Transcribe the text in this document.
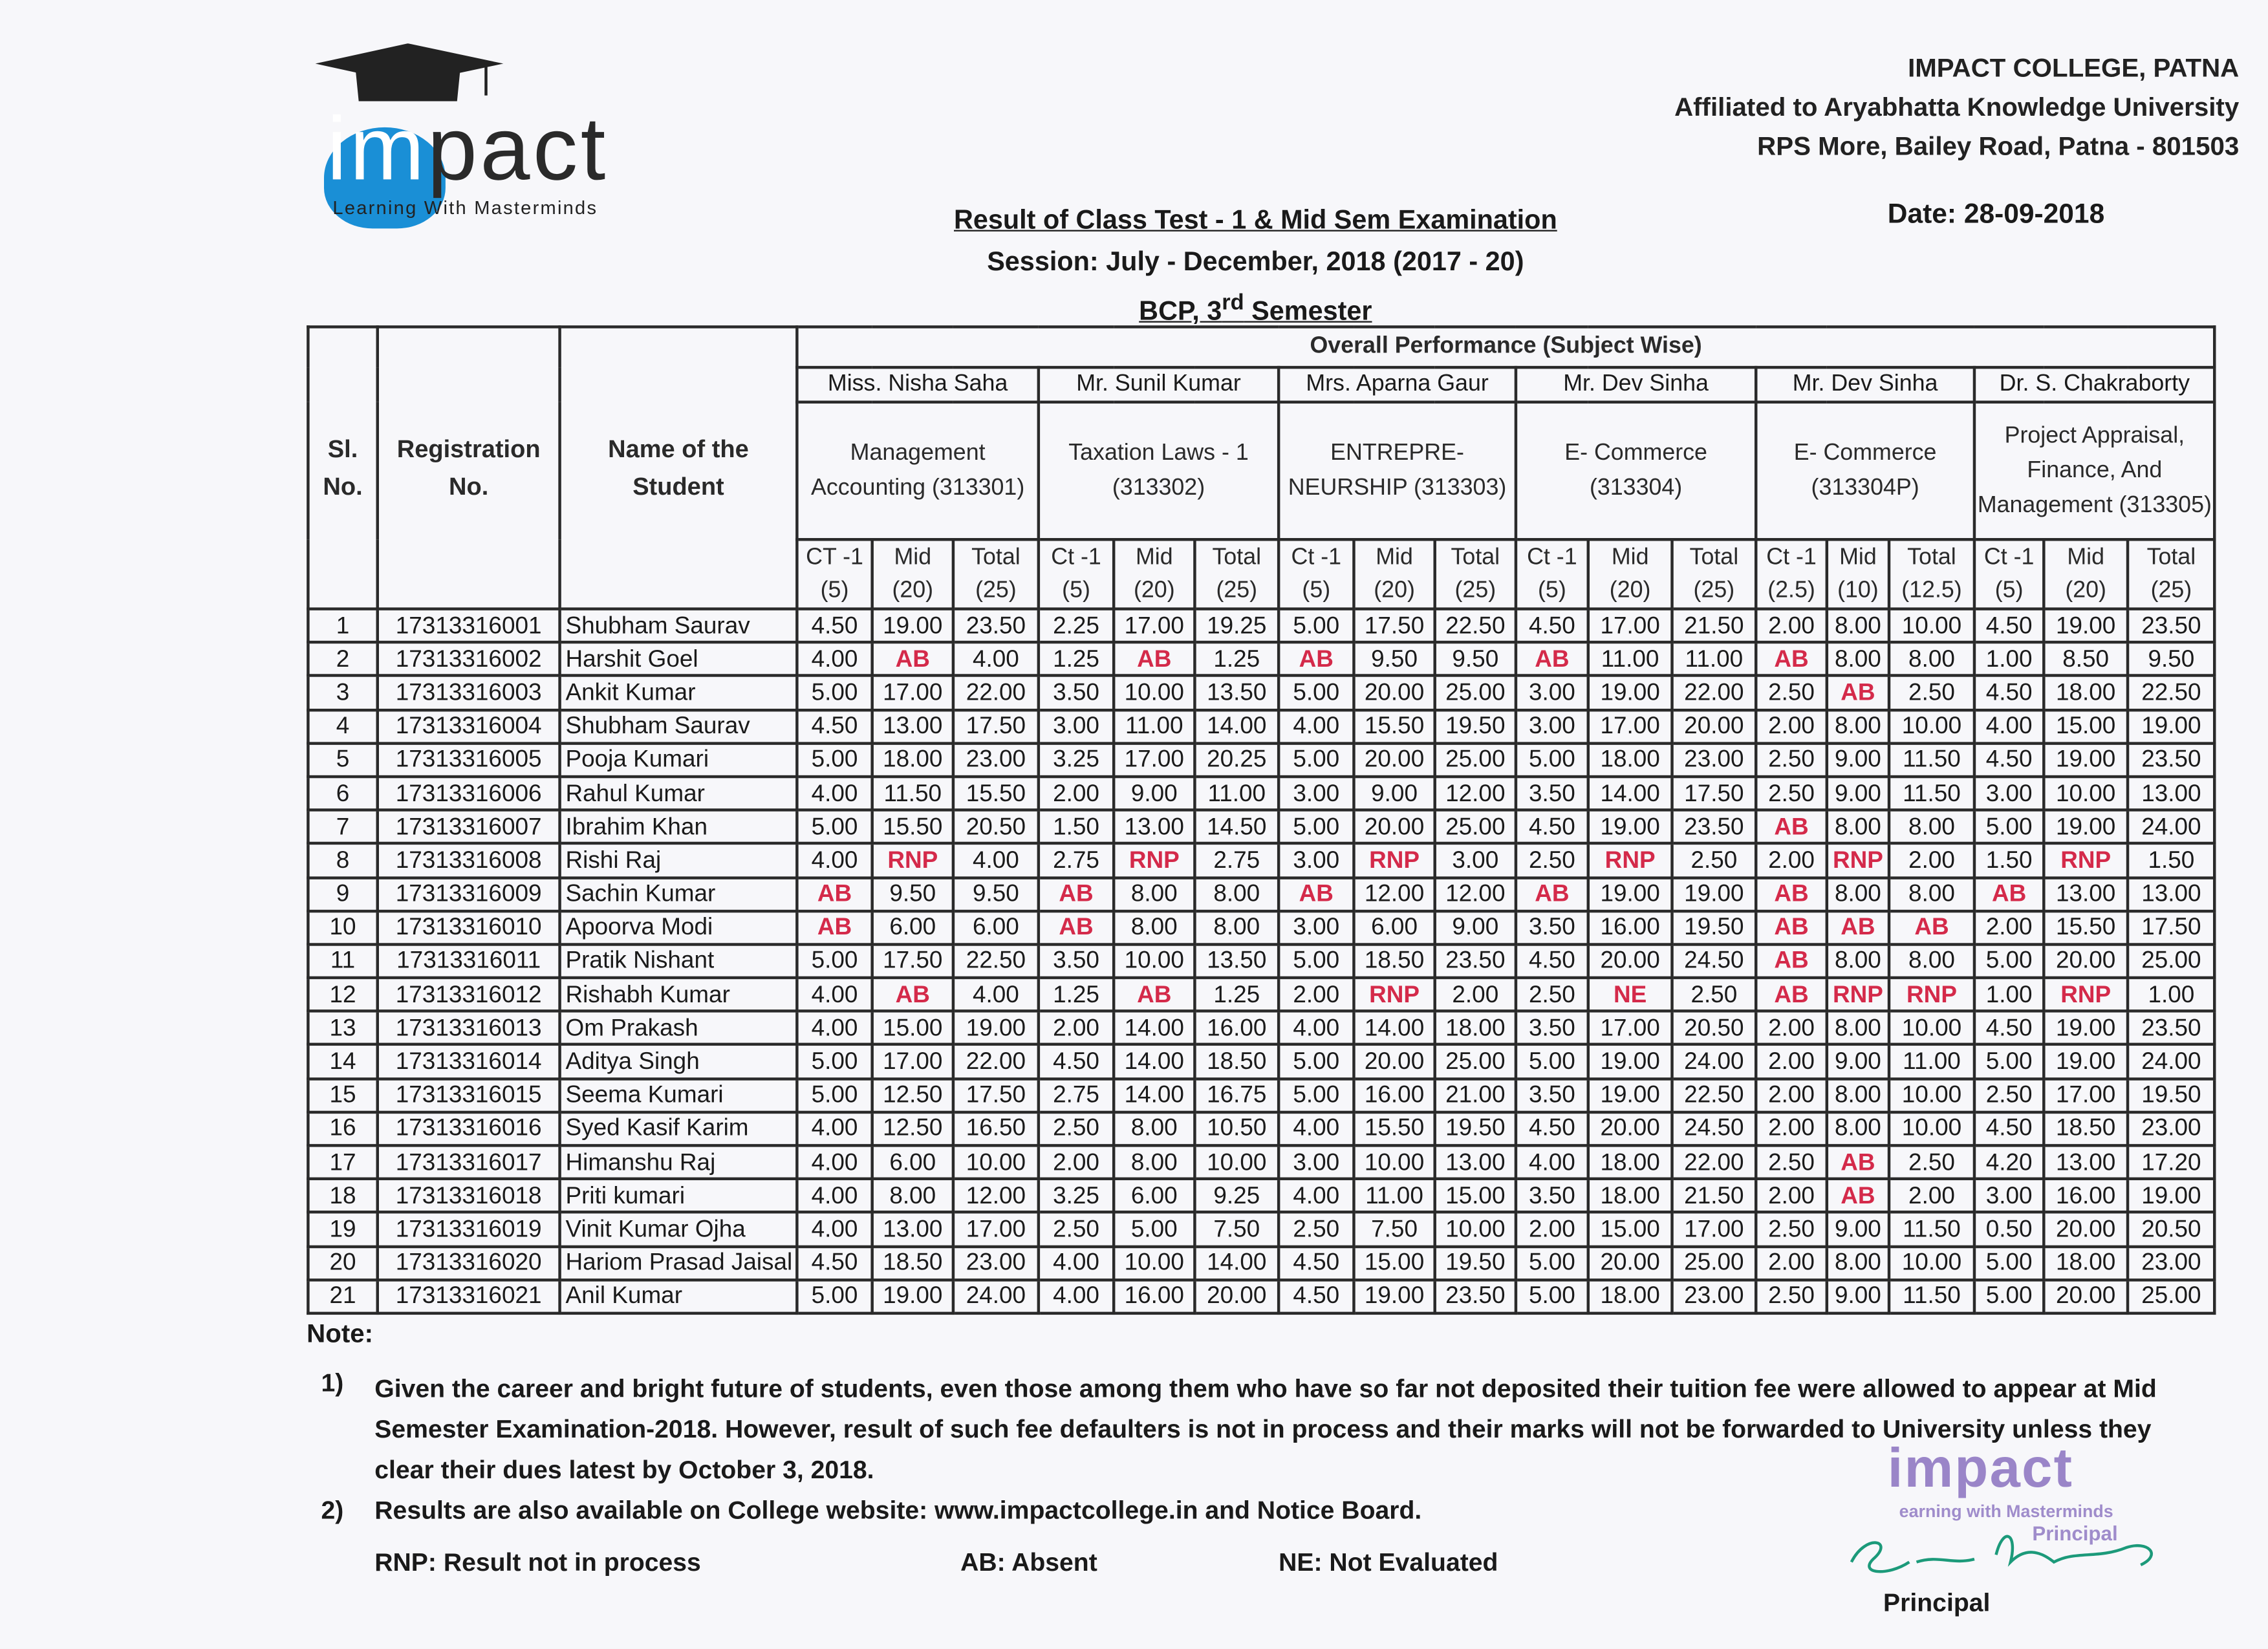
impact
Learning With Masterminds
IMPACT COLLEGE, PATNA
Affiliated to Aryabhatta Knowledge University
RPS More, Bailey Road, Patna - 801503
Date: 28-09-2018
Result of Class Test - 1 & Mid Sem Examination
Session: July - December, 2018 (2017 - 20)
BCP, 3rd Semester
Sl. No.	Registration No.	Name of the Student	Overall Performance (Subject Wise)																	
			Miss. Nisha Saha			Mr. Sunil Kumar			Mrs. Aparna Gaur			Mr. Dev Sinha			Mr. Dev Sinha			Dr. S. Chakraborty		
			Management Accounting (313301)			Taxation Laws - 1 (313302)			ENTREPRE-NEURSHIP (313303)			E- Commerce (313304)			E- Commerce (313304P)			Project Appraisal, Finance, And Management (313305)		
			CT -1 (5)	Mid (20)	Total (25)	Ct -1 (5)	Mid (20)	Total (25)	Ct -1 (5)	Mid (20)	Total (25)	Ct -1 (5)	Mid (20)	Total (25)	Ct -1 (2.5)	Mid (10)	Total (12.5)	Ct -1 (5)	Mid (20)	Total (25)
1	17313316001	Shubham Saurav	4.50	19.00	23.50	2.25	17.00	19.25	5.00	17.50	22.50	4.50	17.00	21.50	2.00	8.00	10.00	4.50	19.00	23.50
2	17313316002	Harshit Goel	4.00	AB	4.00	1.25	AB	1.25	AB	9.50	9.50	AB	11.00	11.00	AB	8.00	8.00	1.00	8.50	9.50
3	17313316003	Ankit Kumar	5.00	17.00	22.00	3.50	10.00	13.50	5.00	20.00	25.00	3.00	19.00	22.00	2.50	AB	2.50	4.50	18.00	22.50
4	17313316004	Shubham Saurav	4.50	13.00	17.50	3.00	11.00	14.00	4.00	15.50	19.50	3.00	17.00	20.00	2.00	8.00	10.00	4.00	15.00	19.00
5	17313316005	Pooja Kumari	5.00	18.00	23.00	3.25	17.00	20.25	5.00	20.00	25.00	5.00	18.00	23.00	2.50	9.00	11.50	4.50	19.00	23.50
6	17313316006	Rahul Kumar	4.00	11.50	15.50	2.00	9.00	11.00	3.00	9.00	12.00	3.50	14.00	17.50	2.50	9.00	11.50	3.00	10.00	13.00
7	17313316007	Ibrahim Khan	5.00	15.50	20.50	1.50	13.00	14.50	5.00	20.00	25.00	4.50	19.00	23.50	AB	8.00	8.00	5.00	19.00	24.00
8	17313316008	Rishi Raj	4.00	RNP	4.00	2.75	RNP	2.75	3.00	RNP	3.00	2.50	RNP	2.50	2.00	RNP	2.00	1.50	RNP	1.50
9	17313316009	Sachin Kumar	AB	9.50	9.50	AB	8.00	8.00	AB	12.00	12.00	AB	19.00	19.00	AB	8.00	8.00	AB	13.00	13.00
10	17313316010	Apoorva Modi	AB	6.00	6.00	AB	8.00	8.00	3.00	6.00	9.00	3.50	16.00	19.50	AB	AB	AB	2.00	15.50	17.50
11	17313316011	Pratik Nishant	5.00	17.50	22.50	3.50	10.00	13.50	5.00	18.50	23.50	4.50	20.00	24.50	AB	8.00	8.00	5.00	20.00	25.00
12	17313316012	Rishabh Kumar	4.00	AB	4.00	1.25	AB	1.25	2.00	RNP	2.00	2.50	NE	2.50	AB	RNP	RNP	1.00	RNP	1.00
13	17313316013	Om Prakash	4.00	15.00	19.00	2.00	14.00	16.00	4.00	14.00	18.00	3.50	17.00	20.50	2.00	8.00	10.00	4.50	19.00	23.50
14	17313316014	Aditya Singh	5.00	17.00	22.00	4.50	14.00	18.50	5.00	20.00	25.00	5.00	19.00	24.00	2.00	9.00	11.00	5.00	19.00	24.00
15	17313316015	Seema Kumari	5.00	12.50	17.50	2.75	14.00	16.75	5.00	16.00	21.00	3.50	19.00	22.50	2.00	8.00	10.00	2.50	17.00	19.50
16	17313316016	Syed Kasif Karim	4.00	12.50	16.50	2.50	8.00	10.50	4.00	15.50	19.50	4.50	20.00	24.50	2.00	8.00	10.00	4.50	18.50	23.00
17	17313316017	Himanshu Raj	4.00	6.00	10.00	2.00	8.00	10.00	3.00	10.00	13.00	4.00	18.00	22.00	2.50	AB	2.50	4.20	13.00	17.20
18	17313316018	Priti kumari	4.00	8.00	12.00	3.25	6.00	9.25	4.00	11.00	15.00	3.50	18.00	21.50	2.00	AB	2.00	3.00	16.00	19.00
19	17313316019	Vinit Kumar Ojha	4.00	13.00	17.00	2.50	5.00	7.50	2.50	7.50	10.00	2.00	15.00	17.00	2.50	9.00	11.50	0.50	20.00	20.50
20	17313316020	Hariom Prasad Jaisal	4.50	18.50	23.00	4.00	10.00	14.00	4.50	15.00	19.50	5.00	20.00	25.00	2.00	8.00	10.00	5.00	18.00	23.00
21	17313316021	Anil Kumar	5.00	19.00	24.00	4.00	16.00	20.00	4.50	19.00	23.50	5.00	18.00	23.00	2.50	9.00	11.50	5.00	20.00	25.00
Note:
1)	Given the career and bright future of students, even those among them who have so far not deposited their tuition fee were allowed to appear at Mid Semester Examination-2018. However, result of such fee defaulters is not in process and their marks will not be forwarded to University unless they clear their dues latest by October 3, 2018.
2)	Results are also available on College website: www.impactcollege.in and Notice Board.
RNP: Result not in process	AB: Absent	NE: Not Evaluated
impact
earning with Masterminds
Principal
Principal
